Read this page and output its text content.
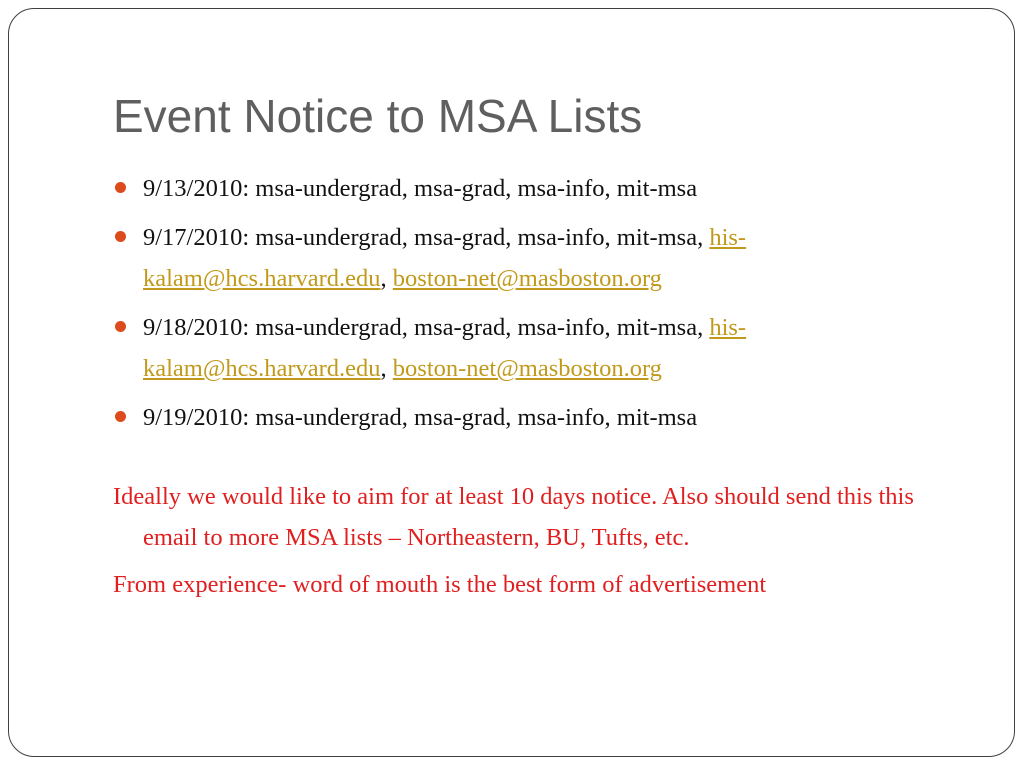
Event Notice to MSA Lists
9/13/2010: msa-undergrad, msa-grad, msa-info, mit-msa
9/17/2010: msa-undergrad, msa-grad, msa-info, mit-msa, his-kalam@hcs.harvard.edu, boston-net@masboston.org
9/18/2010: msa-undergrad, msa-grad, msa-info, mit-msa, his-kalam@hcs.harvard.edu, boston-net@masboston.org
9/19/2010: msa-undergrad, msa-grad, msa-info, mit-msa

Ideally we would like to aim for at least 10 days notice. Also should send this this email to more MSA lists – Northeastern, BU, Tufts, etc.

From experience- word of mouth is the best form of advertisement
